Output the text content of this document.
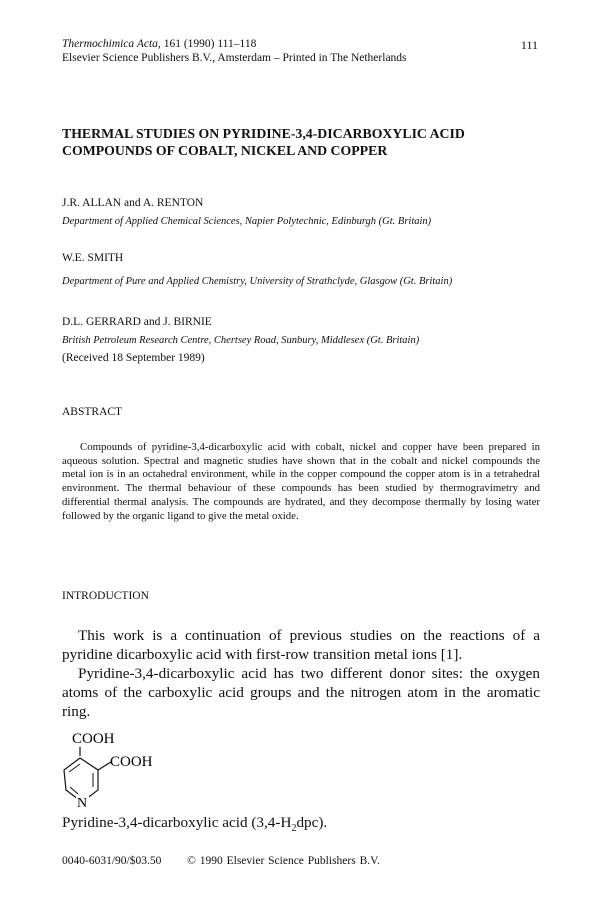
Thermochimica Acta, 161 (1990) 111–118	111
Elsevier Science Publishers B.V., Amsterdam – Printed in The Netherlands
THERMAL STUDIES ON PYRIDINE-3,4-DICARBOXYLIC ACID
COMPOUNDS OF COBALT, NICKEL AND COPPER
J.R. ALLAN and A. RENTON
Department of Applied Chemical Sciences, Napier Polytechnic, Edinburgh (Gt. Britain)
W.E. SMITH
Department of Pure and Applied Chemistry, University of Strathclyde, Glasgow (Gt. Britain)
D.L. GERRARD and J. BIRNIE
British Petroleum Research Centre, Chertsey Road, Sunbury, Middlesex (Gt. Britain)
(Received 18 September 1989)
ABSTRACT
Compounds of pyridine-3,4-dicarboxylic acid with cobalt, nickel and copper have been prepared in aqueous solution. Spectral and magnetic studies have shown that in the cobalt and nickel compounds the metal ion is in an octahedral environment, while in the copper compound the copper atom is in a tetrahedral environment. The thermal behaviour of these compounds has been studied by thermogravimetry and differential thermal analysis. The compounds are hydrated, and they decompose thermally by losing water followed by the organic ligand to give the metal oxide.
INTRODUCTION

This work is a continuation of previous studies on the reactions of a pyridine dicarboxylic acid with first-row transition metal ions [1].

Pyridine-3,4-dicarboxylic acid has two different donor sites: the oxygen atoms of the carboxylic acid groups and the nitrogen atom in the aromatic ring.

COOH
COOH
N
Pyridine-3,4-dicarboxylic acid $(3,4-H_2dpc)$.
0040-6031/90/$03.50 © 1990 Elsevier Science Publishers B.V.
